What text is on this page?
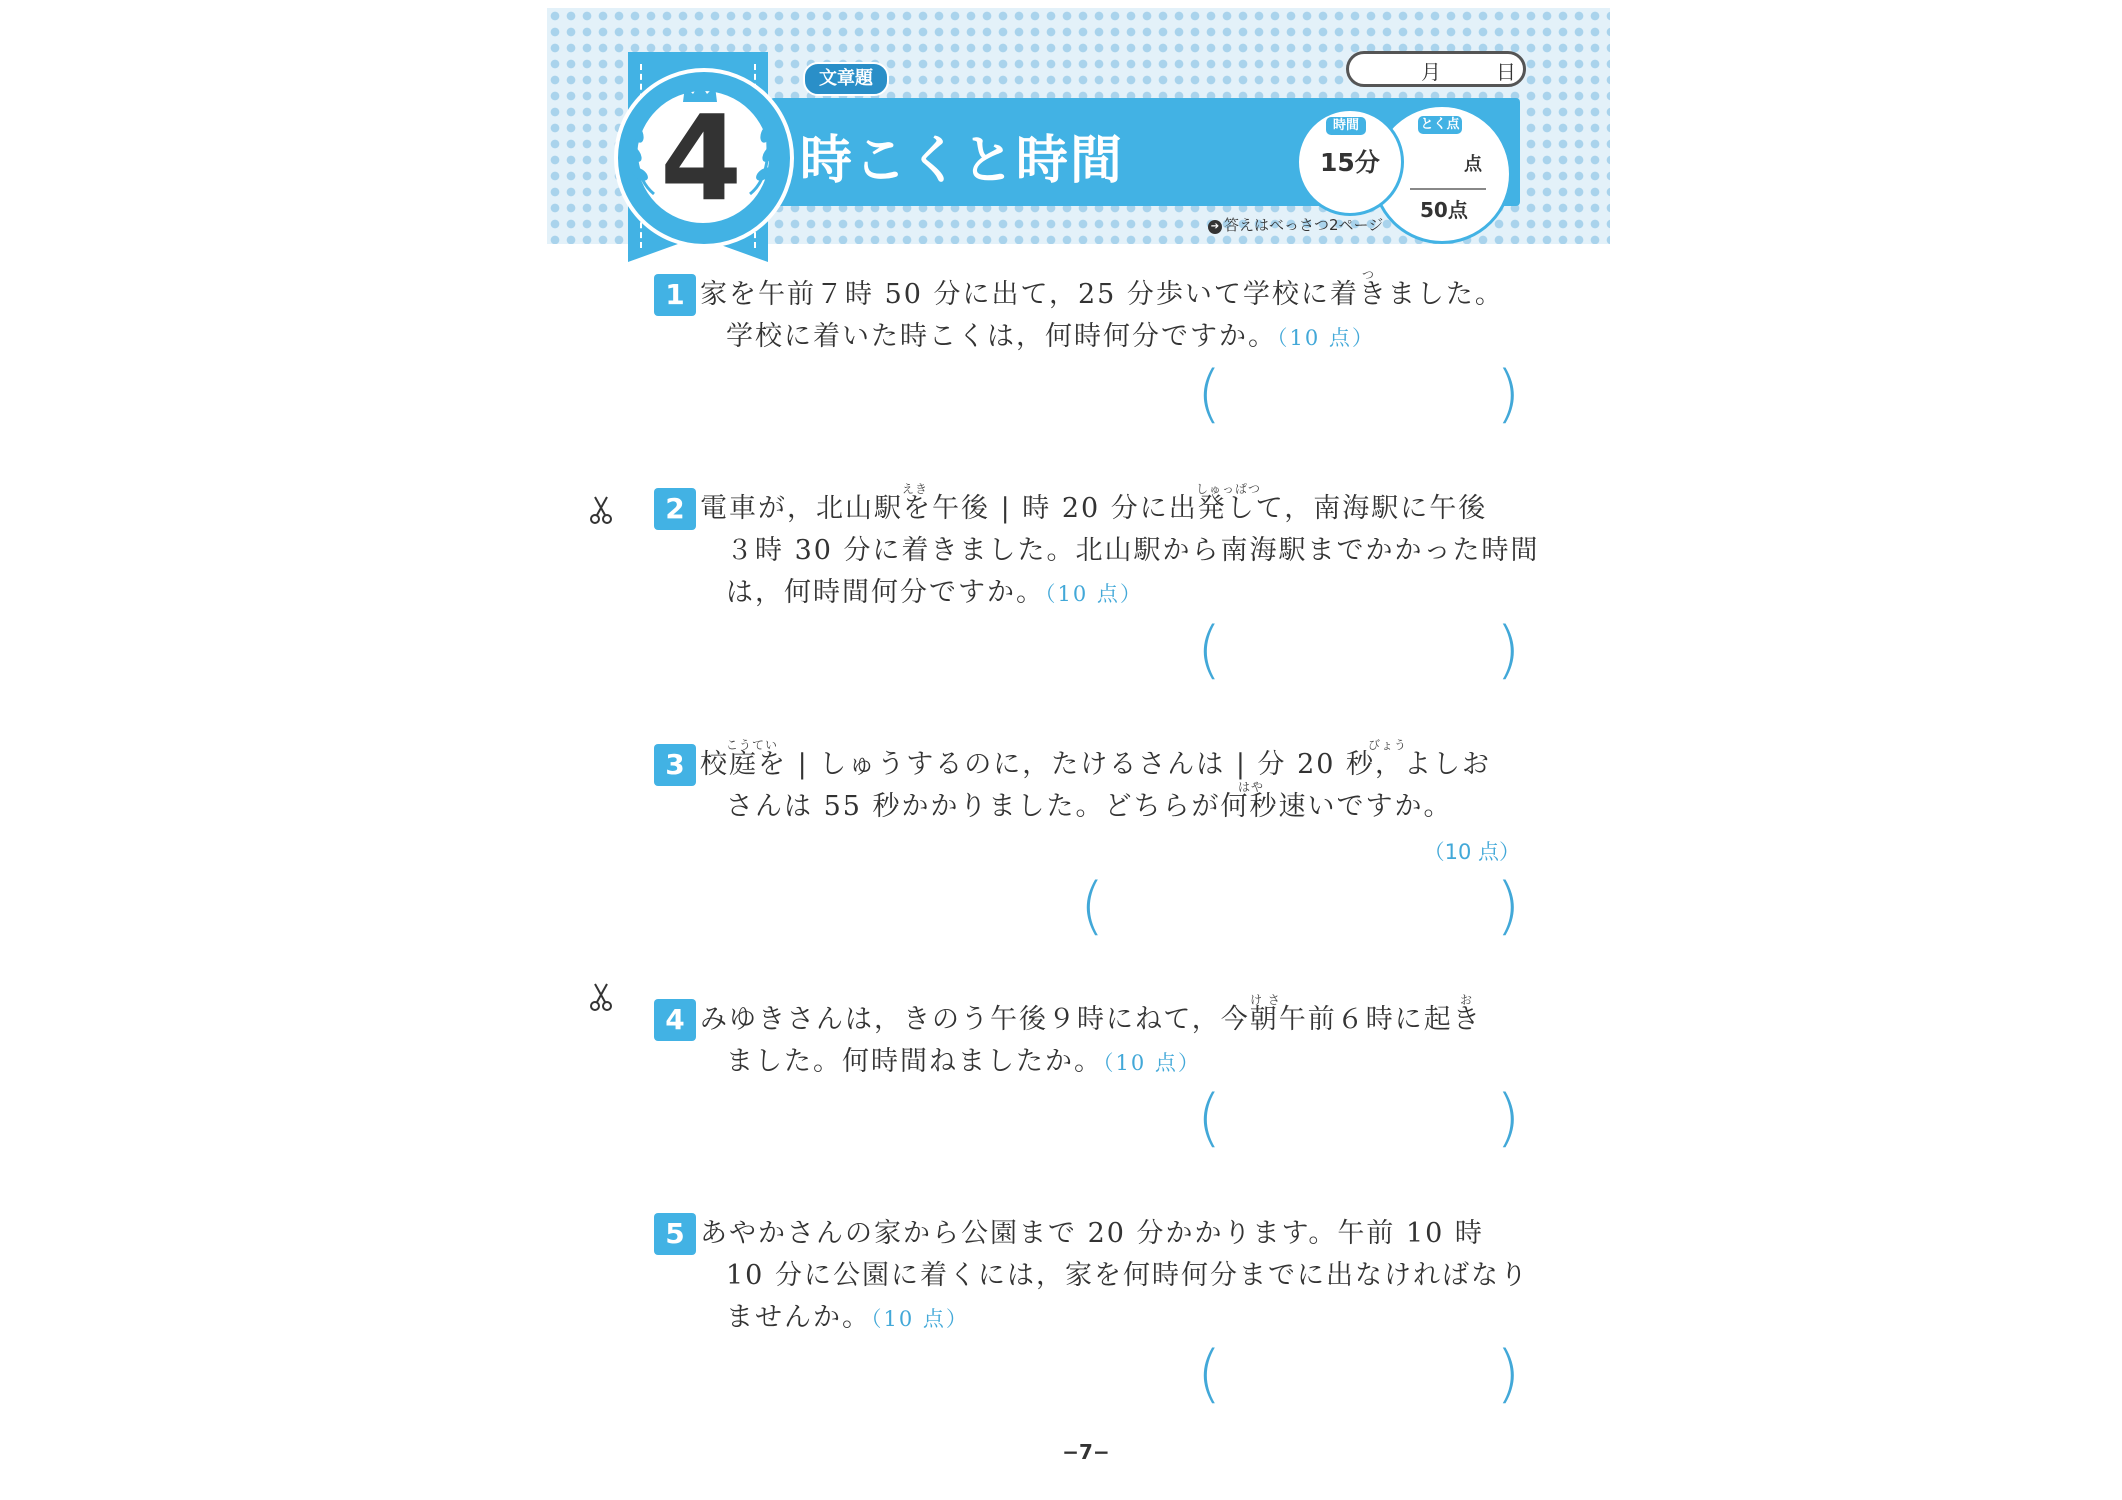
月	日
文章題
時こくと時間
4	時間
15分
とく点
点
50点
➔ 答えはべっさつ2ページ
1
つ
家を午前７時 50 分に出て，25 分歩いて学校に着きました。
学校に着いた時こくは，何時何分ですか。（10 点）
(	)
2
えき	しゅっぱつ
電車が，北山駅を午後 | 時 20 分に出発して，南海駅に午後
３時 30 分に着きました。北山駅から南海駅までかかった時間
は，何時間何分ですか。（10 点）
(	)
3
こうてい	びょう
はや
校庭を | しゅうするのに，たけるさんは | 分 20 秒，よしお
さんは 55 秒かかりました。どちらが何秒速いですか。
（10 点）
(	)
4
け さ	お
みゆきさんは，きのう午後９時にねて，今朝午前６時に起き
ました。何時間ねましたか。（10 点）
(	)
5 あやかさんの家から公園まで 20 分かかります。午前 10 時
10 分に公園に着くには，家を何時何分までに出なければなり
ませんか。（10 点）
(	)
−7−
